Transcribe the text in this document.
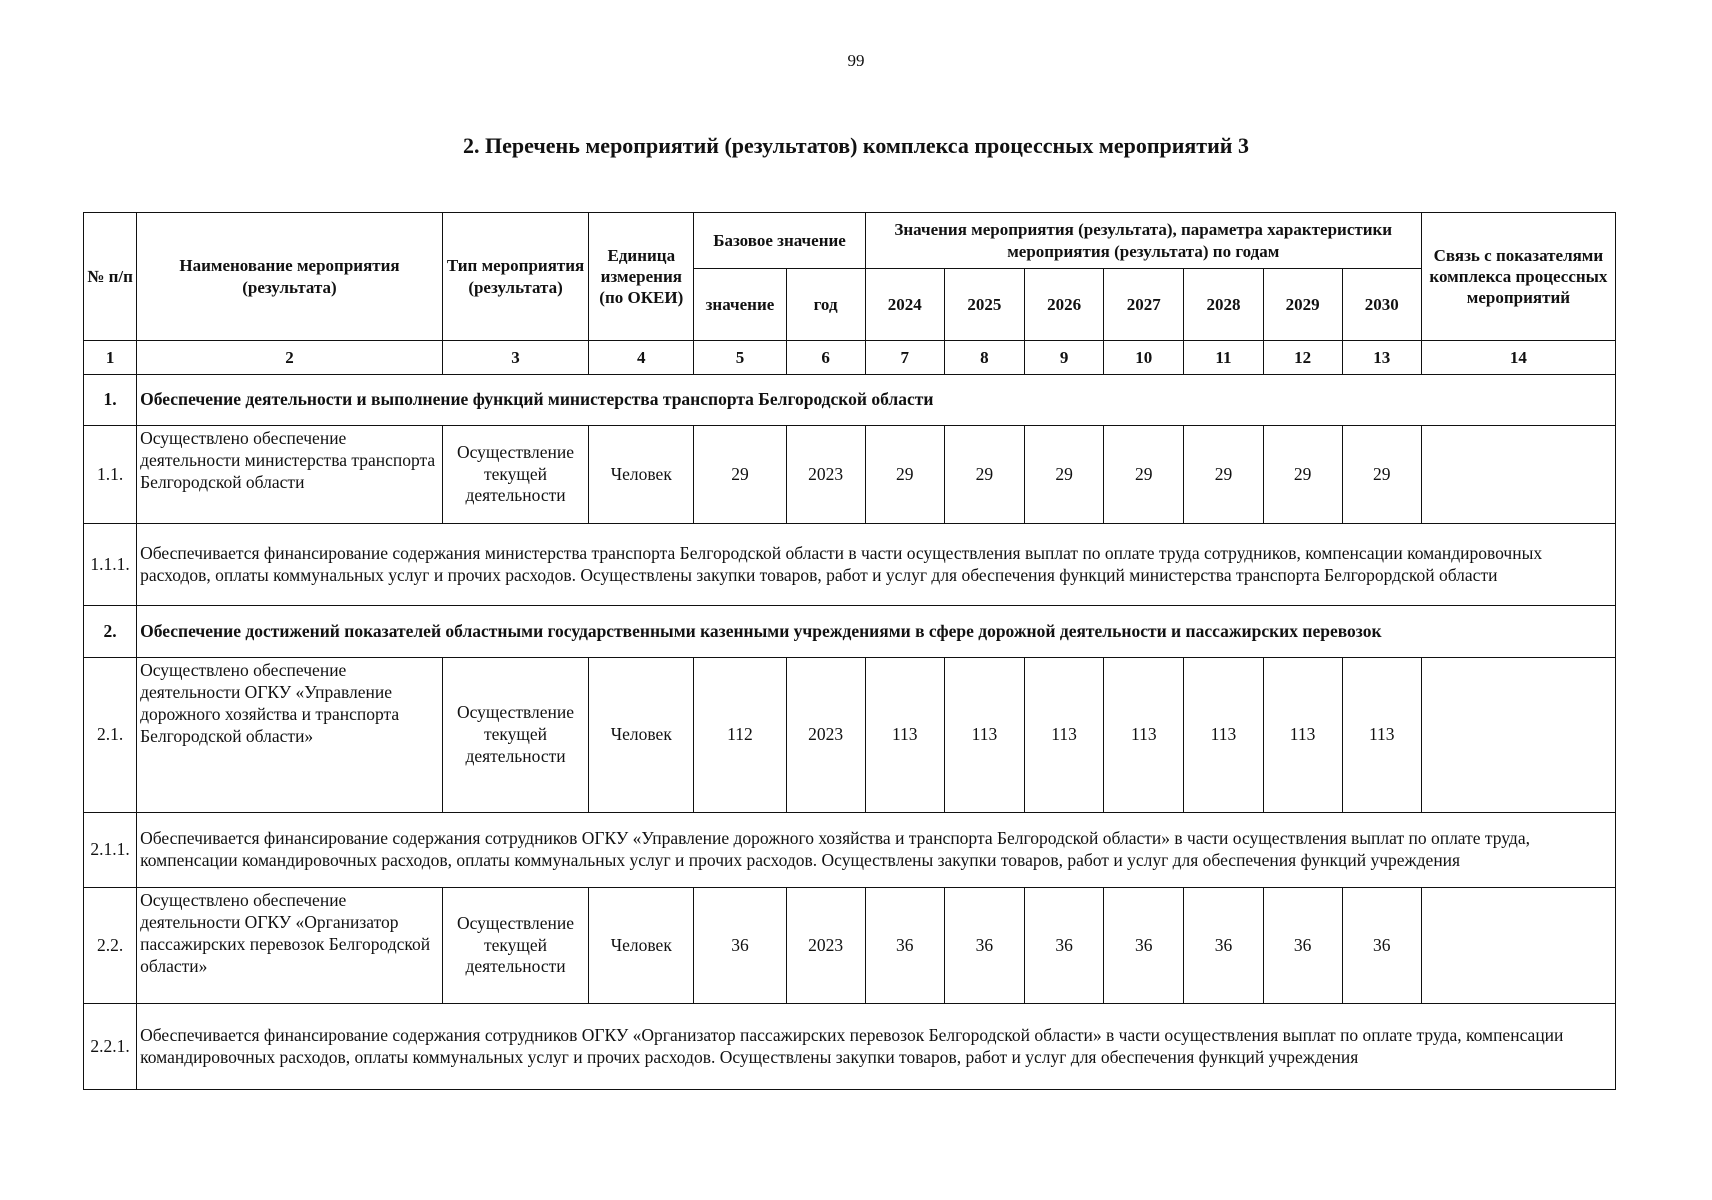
99
2. Перечень мероприятий (результатов) комплекса процессных мероприятий 3
№ п/п	Наименование мероприятия (результата)	Тип мероприятия (результата)	Единица измерения (по ОКЕИ)	Базовое значение		Значения мероприятия (результата), параметра характеристики мероприятия (результата) по годам							Связь с показателями комплекса процессных мероприятий
				значение	год	2024	2025	2026	2027	2028	2029	2030	
1	2	3	4	5	6	7	8	9	10	11	12	13	14
1.	Обеспечение деятельности и выполнение функций министерства транспорта Белгородской области												
1.1.	Осуществлено обеспечение деятельности министерства транспорта Белгородской области	Осуществление текущей деятельности	Человек	29	2023	29	29	29	29	29	29	29	
1.1.1.	Обеспечивается финансирование содержания министерства транспорта Белгородской области в части осуществления выплат по оплате труда сотрудников, компенсации командировочных расходов, оплаты коммунальных услуг и прочих расходов. Осуществлены закупки товаров, работ и услуг для обеспечения функций министерства транспорта Белгорордской области												
2.	Обеспечение достижений показателей областными государственными казенными учреждениями в сфере дорожной деятельности и пассажирских перевозок												
2.1.	Осуществлено обеспечение деятельности ОГКУ «Управление дорожного хозяйства и транспорта Белгородской области»	Осуществление текущей деятельности	Человек	112	2023	113	113	113	113	113	113	113	
2.1.1.	Обеспечивается финансирование содержания сотрудников ОГКУ «Управление дорожного хозяйства и транспорта Белгородской области» в части осуществления выплат по оплате труда, компенсации командировочных расходов, оплаты коммунальных услуг и прочих расходов. Осуществлены закупки товаров, работ и услуг для обеспечения функций учреждения												
2.2.	Осуществлено обеспечение деятельности ОГКУ «Организатор пассажирских перевозок Белгородской области»	Осуществление текущей деятельности	Человек	36	2023	36	36	36	36	36	36	36	
2.2.1.	Обеспечивается финансирование содержания сотрудников ОГКУ «Организатор пассажирских перевозок Белгородской области» в части осуществления выплат по оплате труда, компенсации командировочных расходов, оплаты коммунальных услуг и прочих расходов. Осуществлены закупки товаров, работ и услуг для обеспечения функций учреждения												
